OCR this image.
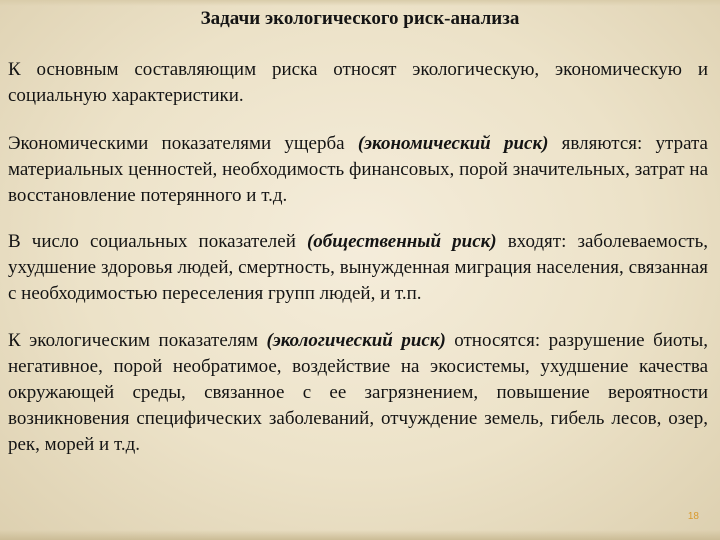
Задачи экологического риск-анализа

К основным составляющим риска относят экологическую, экономическую и социальную характеристики.

Экономическими показателями ущерба (экономический риск) являются: утрата материальных ценностей, необходимость финансовых, порой значительных, затрат на восстановление потерянного и т.д.

В число социальных показателей (общественный риск) входят: заболеваемость, ухудшение здоровья людей, смертность, вынужденная миграция населения, связанная с необходимостью переселения групп людей, и т.п.

К экологическим показателям (экологический риск) относятся: разрушение биоты, негативное, порой необратимое, воздействие на экосистемы, ухудшение качества окружающей среды, связанное с ее загрязнением, повышение вероятности возникновения специфических заболеваний, отчуждение земель, гибель лесов, озер, рек, морей и т.д.

18
